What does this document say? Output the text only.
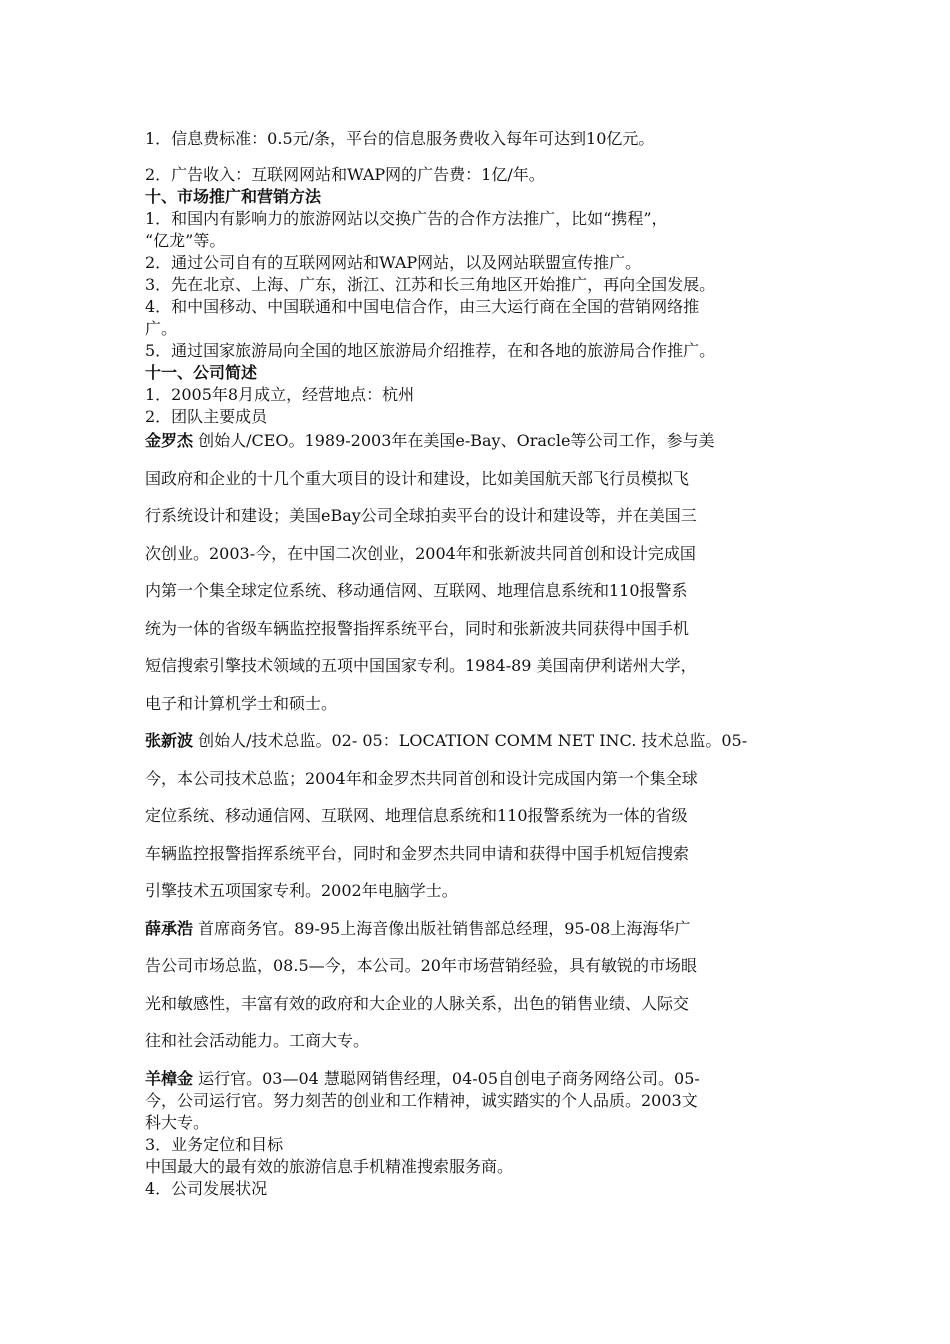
1．信息费标准：0.5元/条，平台的信息服务费收入每年可达到10亿元。

2．广告收入：互联网网站和WAP网的广告费：1亿/年。

十、市场推广和营销方法

1．和国内有影响力的旅游网站以交换广告的合作方法推广，比如“携程”，

“亿龙”等。

2．通过公司自有的互联网网站和WAP网站，以及网站联盟宣传推广。

3．先在北京、上海、广东，浙江、江苏和长三角地区开始推广，再向全国发展。

4．和中国移动、中国联通和中国电信合作，由三大运行商在全国的营销网络推

广。

5．通过国家旅游局向全国的地区旅游局介绍推荐，在和各地的旅游局合作推广。

十一、公司简述

1．2005年8月成立，经营地点：杭州

2．团队主要成员

金罗杰 创始人/CEO。1989-2003年在美国e-Bay、Oracle等公司工作，参与美

国政府和企业的十几个重大项目的设计和建设，比如美国航天部飞行员模拟飞

行系统设计和建设；美国eBay公司全球拍卖平台的设计和建设等，并在美国三

次创业。2003-今，在中国二次创业，2004年和张新波共同首创和设计完成国

内第一个集全球定位系统、移动通信网、互联网、地理信息系统和110报警系

统为一体的省级车辆监控报警指挥系统平台，同时和张新波共同获得中国手机

短信搜索引擎技术领域的五项中国国家专利。1984-89 美国南伊利诺州大学，

电子和计算机学士和硕士。

张新波 创始人/技术总监。02- 05：LOCATION COMM NET INC. 技术总监。05-

今，本公司技术总监；2004年和金罗杰共同首创和设计完成国内第一个集全球

定位系统、移动通信网、互联网、地理信息系统和110报警系统为一体的省级

车辆监控报警指挥系统平台，同时和金罗杰共同申请和获得中国手机短信搜索

引擎技术五项国家专利。2002年电脑学士。

薛承浩 首席商务官。89-95上海音像出版社销售部总经理，95-08上海海华广

告公司市场总监，08.5—今，本公司。20年市场营销经验，具有敏锐的市场眼

光和敏感性，丰富有效的政府和大企业的人脉关系，出色的销售业绩、人际交

往和社会活动能力。工商大专。

羊樟金 运行官。03—04 慧聪网销售经理，04-05自创电子商务网络公司。05-

今，公司运行官。努力刻苦的创业和工作精神，诚实踏实的个人品质。2003文

科大专。

3．业务定位和目标

中国最大的最有效的旅游信息手机精准搜索服务商。

4．公司发展状况
